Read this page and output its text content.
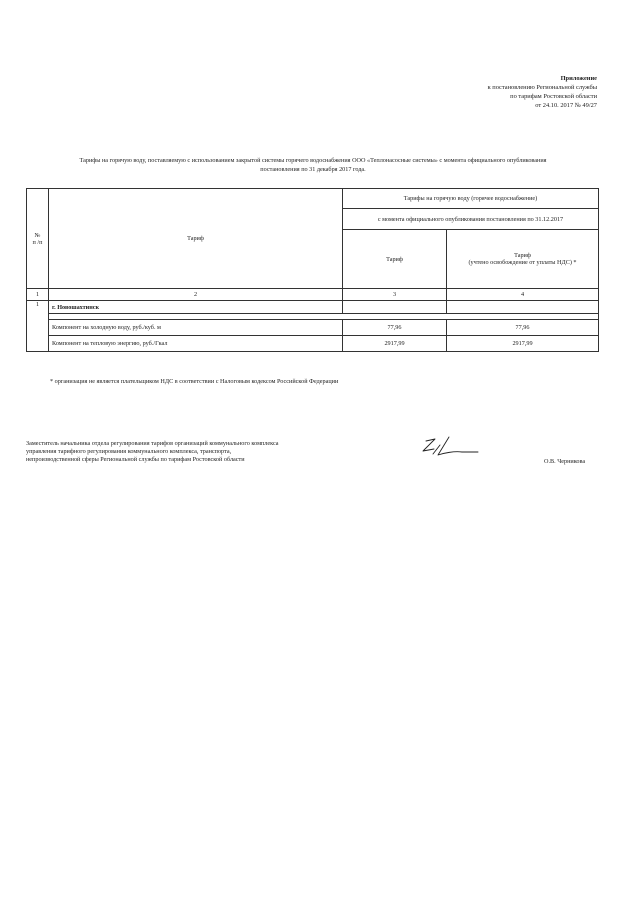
Приложение
к постановлению Региональной службы
по тарифам Ростовской области
от 24.10. 2017 № 49/27
Тарифы на горячую воду, поставляемую с использованием закрытой системы горячего водоснабжения ООО «Теплонасосные системы» с момента официального опубликования
постановления по 31 декабря 2017 года.
№
п /п	Тариф	Тарифы на горячую воду (горячее водоснабжение)	
		с момента официального опубликования постановления по 31.12.2017	
		Тариф	Тариф
(учтено освобождение от уплаты НДС) *
1	2	3	4
1	г. Новошахтинск		

	Компонент на холодную воду, руб./куб. м	77,96	77,96
	Компонент на тепловую энергию, руб./Гкал	2917,99	2917,99
* организация не является плательщиком НДС в соответствии с Налоговым кодексом Российской Федерации
Заместитель начальника отдела регулирования тарифов организаций коммунального комплекса
управления тарифного регулирования коммунального комплекса, транспорта,
непроизводственной сферы Региональной службы по тарифам Ростовской области	О.В. Черникова
